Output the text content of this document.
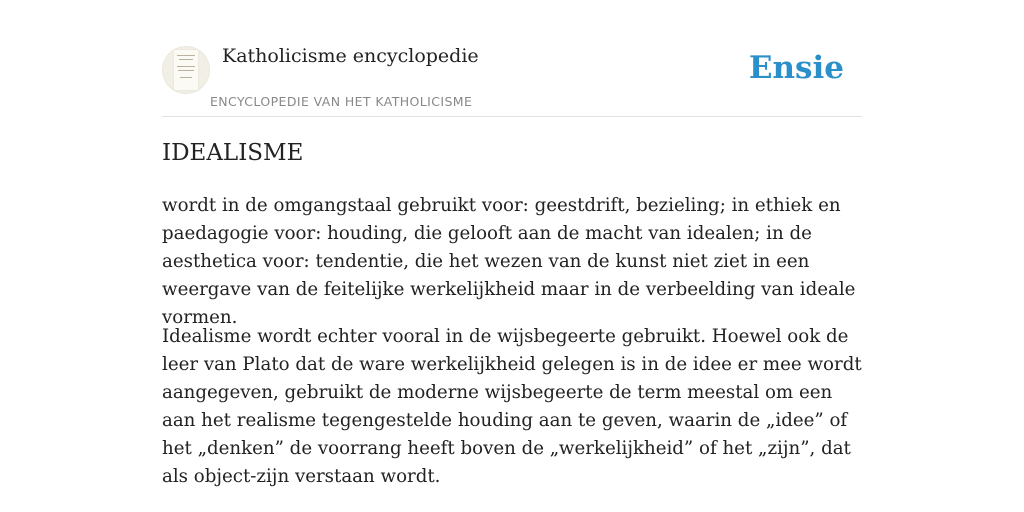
Katholicisme encyclopedie
ENCYCLOPEDIE VAN HET KATHOLICISME
Ensie
IDEALISME

wordt in de omgangstaal gebruikt voor: geestdrift, bezieling; in ethiek en paedagogie voor: houding, die gelooft aan de macht van idealen; in de aesthetica voor: tendentie, die het wezen van de kunst niet ziet in een weergave van de feitelijke werkelijkheid maar in de verbeelding van ideale vormen.

Idealisme wordt echter vooral in de wijsbegeerte gebruikt. Hoewel ook de leer van Plato dat de ware werkelijkheid gelegen is in de idee er mee wordt aangegeven, gebruikt de moderne wijsbegeerte de term meestal om een aan het realisme tegengestelde houding aan te geven, waarin de „idee” of het „denken” de voorrang heeft boven de „werkelijkheid” of het „zijn”, dat als object-zijn verstaan wordt.
